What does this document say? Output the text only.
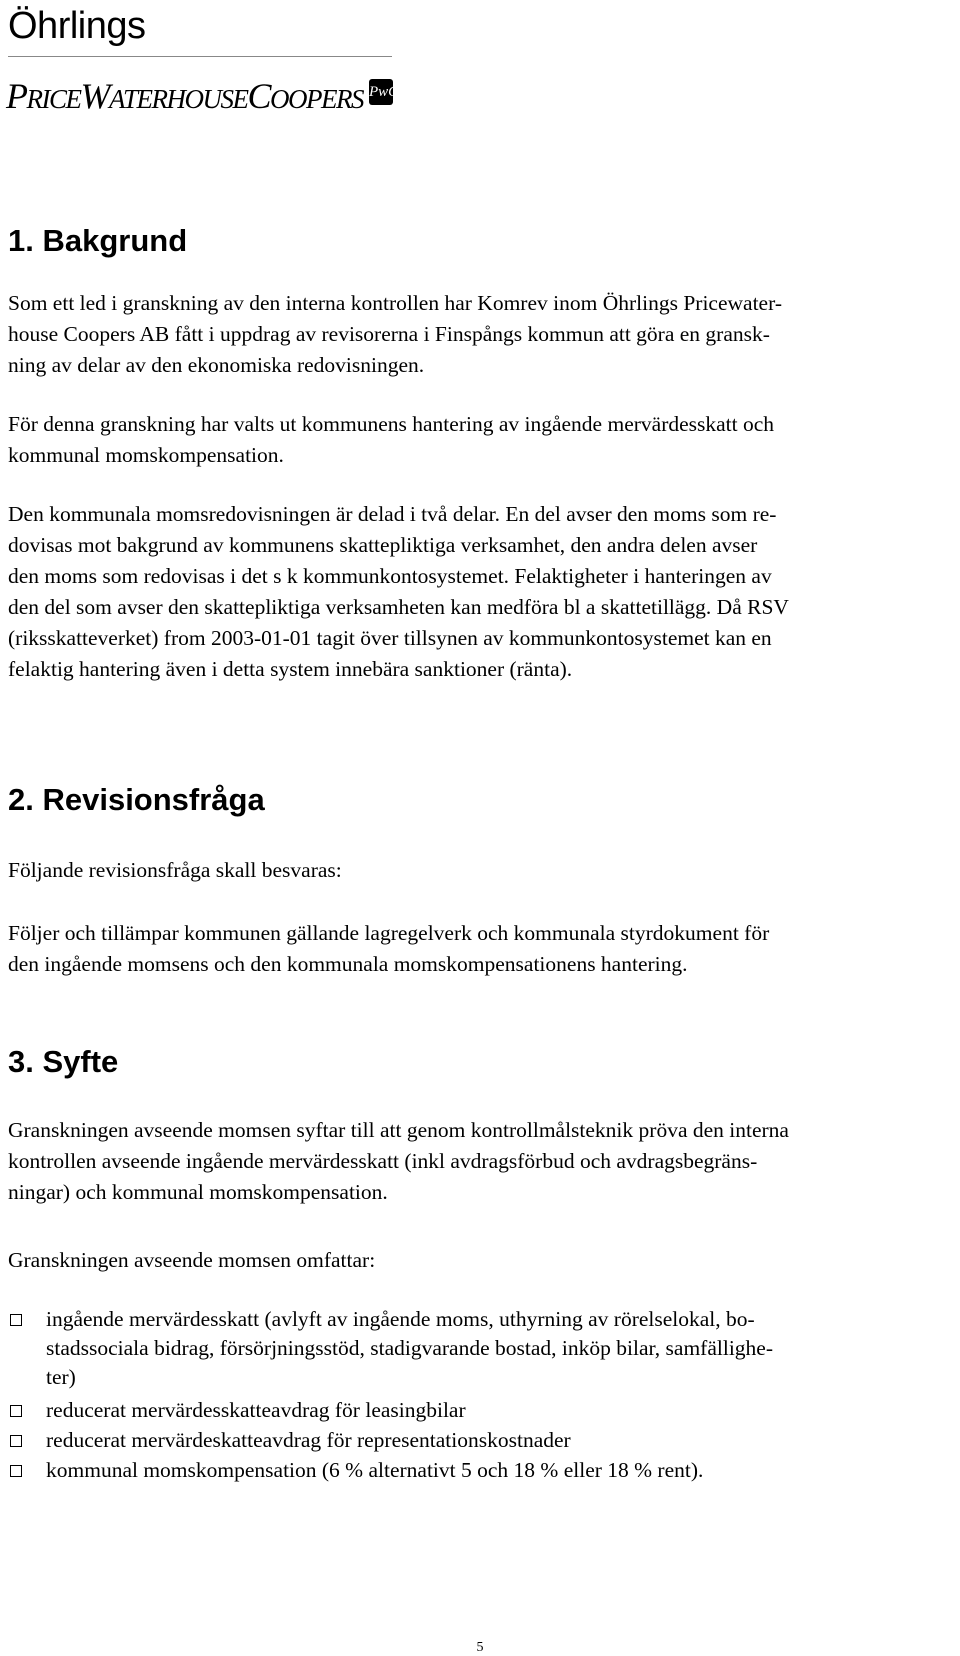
Öhrlings
PRICEWATERHOUSECOOPERS PwC
1. Bakgrund

Som ett led i granskning av den interna kontrollen har Komrev inom Öhrlings Pricewater-
house Coopers AB fått i uppdrag av revisorerna i Finspångs kommun att göra en gransk-
ning av delar av den ekonomiska redovisningen.

För denna granskning har valts ut kommunens hantering av ingående mervärdesskatt och
kommunal momskompensation.

Den kommunala momsredovisningen är delad i två delar. En del avser den moms som re-
dovisas mot bakgrund av kommunens skattepliktiga verksamhet, den andra delen avser
den moms som redovisas i det s k kommunkontosystemet. Felaktigheter i hanteringen av
den del som avser den skattepliktiga verksamheten kan medföra bl a skattetillägg. Då RSV
(riksskatteverket) from 2003-01-01 tagit över tillsynen av kommunkontosystemet kan en
felaktig hantering även i detta system innebära sanktioner (ränta).

2. Revisionsfråga

Följande revisionsfråga skall besvaras:

Följer och tillämpar kommunen gällande lagregelverk och kommunala styrdokument för
den ingående momsens och den kommunala momskompensationens hantering.

3. Syfte

Granskningen avseende momsen syftar till att genom kontrollmålsteknik pröva den interna
kontrollen avseende ingående mervärdesskatt (inkl avdragsförbud och avdragsbegräns-
ningar) och kommunal momskompensation.

Granskningen avseende momsen omfattar:

ingående mervärdesskatt (avlyft av ingående moms, uthyrning av rörelselokal, bo-
stadssociala bidrag, försörjningsstöd, stadigvarande bostad, inköp bilar, samfällighe-
ter)

reducerat mervärdesskatteavdrag för leasingbilar

reducerat mervärdeskatteavdrag för representationskostnader

kommunal momskompensation (6 % alternativt 5 och 18 % eller 18 % rent).

5
